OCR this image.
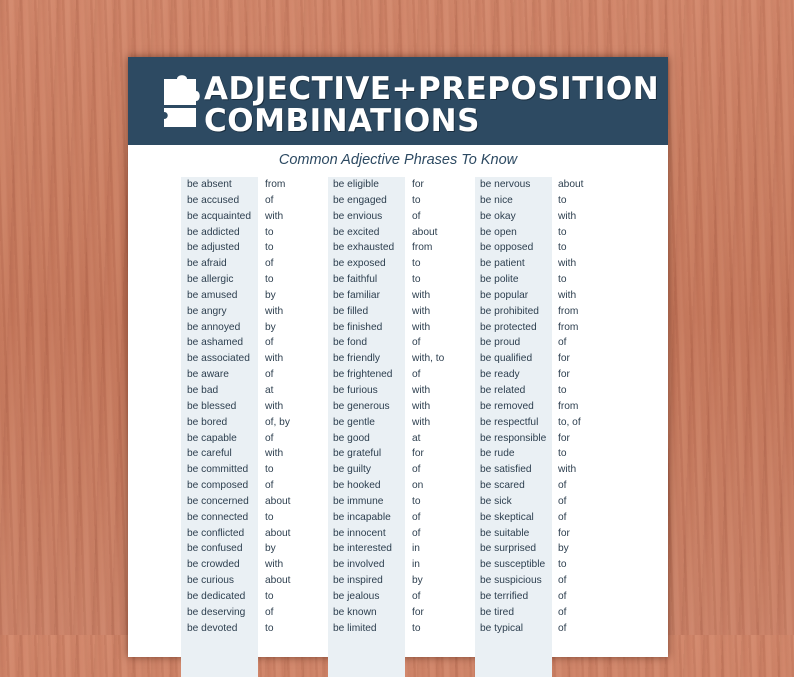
ADJECTIVE+PREPOSITION
COMBINATIONS
Common Adjective Phrases To Know
be absent
be accused
be acquainted
be addicted
be adjusted
be afraid
be allergic
be amused
be angry
be annoyed
be ashamed
be associated
be aware
be bad
be blessed
be bored
be capable
be careful
be committed
be composed
be concerned
be connected
be conflicted
be confused
be crowded
be curious
be dedicated
be deserving
be devoted
from
of
with
to
to
of
to
by
with
by
of
with
of
at
with
of, by
of
with
to
of
about
to
about
by
with
about
to
of
to
be eligible
be engaged
be envious
be excited
be exhausted
be exposed
be faithful
be familiar
be filled
be finished
be fond
be friendly
be frightened
be furious
be generous
be gentle
be good
be grateful
be guilty
be hooked
be immune
be incapable
be innocent
be interested
be involved
be inspired
be jealous
be known
be limited
for
to
of
about
from
to
to
with
with
with
of
with, to
of
with
with
with
at
for
of
on
to
of
of
in
in
by
of
for
to
be nervous
be nice
be okay
be open
be opposed
be patient
be polite
be popular
be prohibited
be protected
be proud
be qualified
be ready
be related
be removed
be respectful
be responsible
be rude
be satisfied
be scared
be sick
be skeptical
be suitable
be surprised
be susceptible
be suspicious
be terrified
be tired
be typical
about
to
with
to
to
with
to
with
from
from
of
for
for
to
from
to, of
for
to
with
of
of
of
for
by
to
of
of
of
of
